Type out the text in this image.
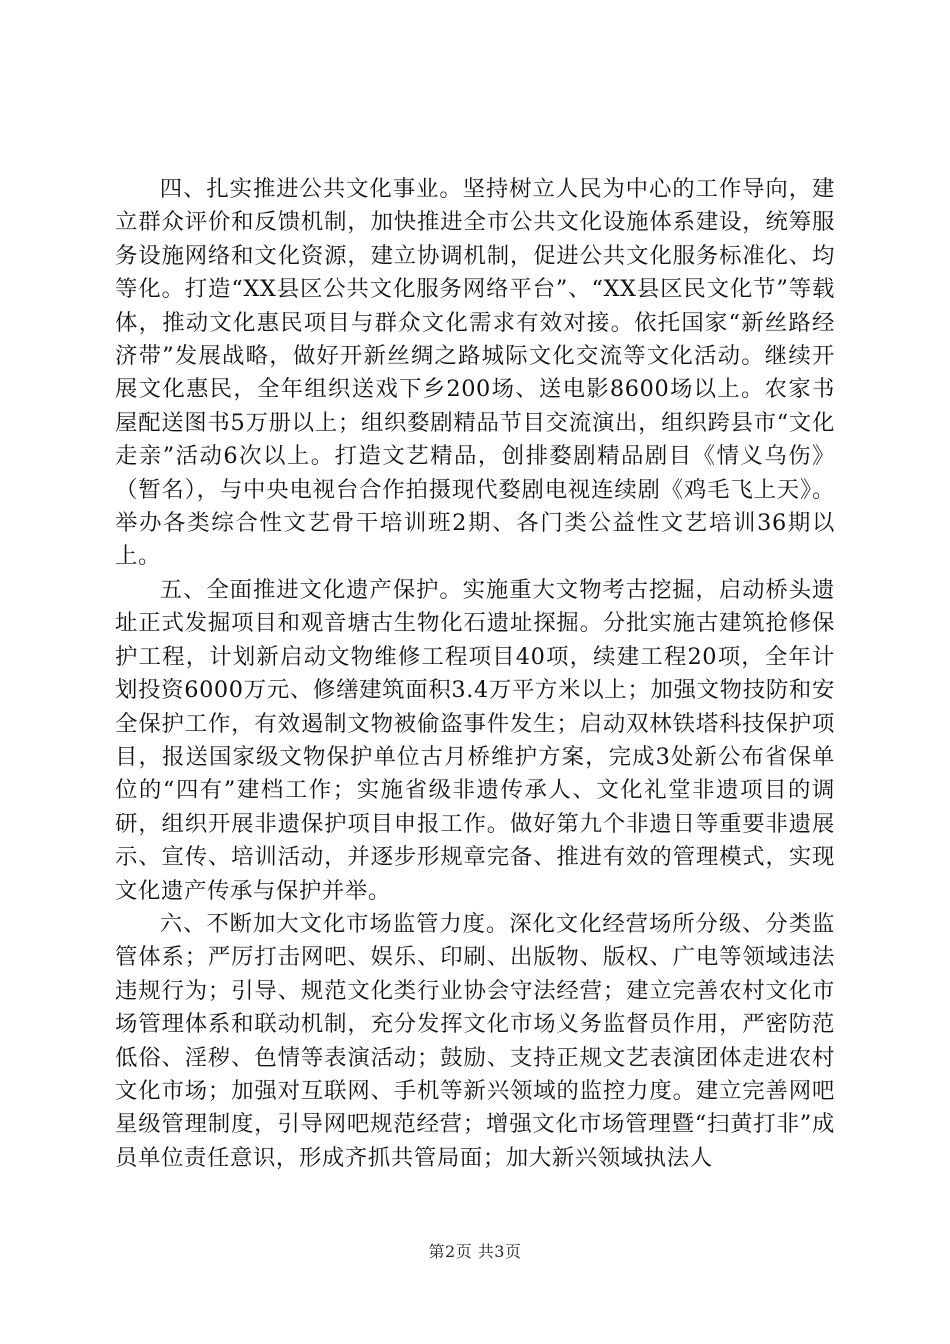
四、扎实推进公共文化事业。坚持树立人民为中心的工作导向，建立群众评价和反馈机制，加快推进全市公共文化设施体系建设，统筹服务设施网络和文化资源，建立协调机制，促进公共文化服务标准化、均等化。打造“XX县区公共文化服务网络平台”、“XX县区民文化节”等载体，推动文化惠民项目与群众文化需求有效对接。依托国家“新丝路经济带”发展战略，做好开新丝绸之路城际文化交流等文化活动。继续开展文化惠民，全年组织送戏下乡200场、送电影8600场以上。农家书屋配送图书5万册以上；组织婺剧精品节目交流演出，组织跨县市“文化走亲”活动6次以上。打造文艺精品，创排婺剧精品剧目《情义乌伤》（暂名），与中央电视台合作拍摄现代婺剧电视连续剧《鸡毛飞上天》。举办各类综合性文艺骨干培训班2期、各门类公益性文艺培训36期以上。

五、全面推进文化遗产保护。实施重大文物考古挖掘，启动桥头遗址正式发掘项目和观音塘古生物化石遗址探掘。分批实施古建筑抢修保护工程，计划新启动文物维修工程项目40项，续建工程20项，全年计划投资6000万元、修缮建筑面积3.4万平方米以上；加强文物技防和安全保护工作，有效遏制文物被偷盗事件发生；启动双林铁塔科技保护项目，报送国家级文物保护单位古月桥维护方案，完成3处新公布省保单位的“四有”建档工作；实施省级非遗传承人、文化礼堂非遗项目的调研，组织开展非遗保护项目申报工作。做好第九个非遗日等重要非遗展示、宣传、培训活动，并逐步形规章完备、推进有效的管理模式，实现文化遗产传承与保护并举。

六、不断加大文化市场监管力度。深化文化经营场所分级、分类监管体系；严厉打击网吧、娱乐、印刷、出版物、版权、广电等领域违法违规行为；引导、规范文化类行业协会守法经营；建立完善农村文化市场管理体系和联动机制，充分发挥文化市场义务监督员作用，严密防范低俗、淫秽、色情等表演活动；鼓励、支持正规文艺表演团体走进农村文化市场；加强对互联网、手机等新兴领域的监控力度。建立完善网吧星级管理制度，引导网吧规范经营；增强文化市场管理暨“扫黄打非”成员单位责任意识，形成齐抓共管局面；加大新兴领域执法人

第2页 共3页
